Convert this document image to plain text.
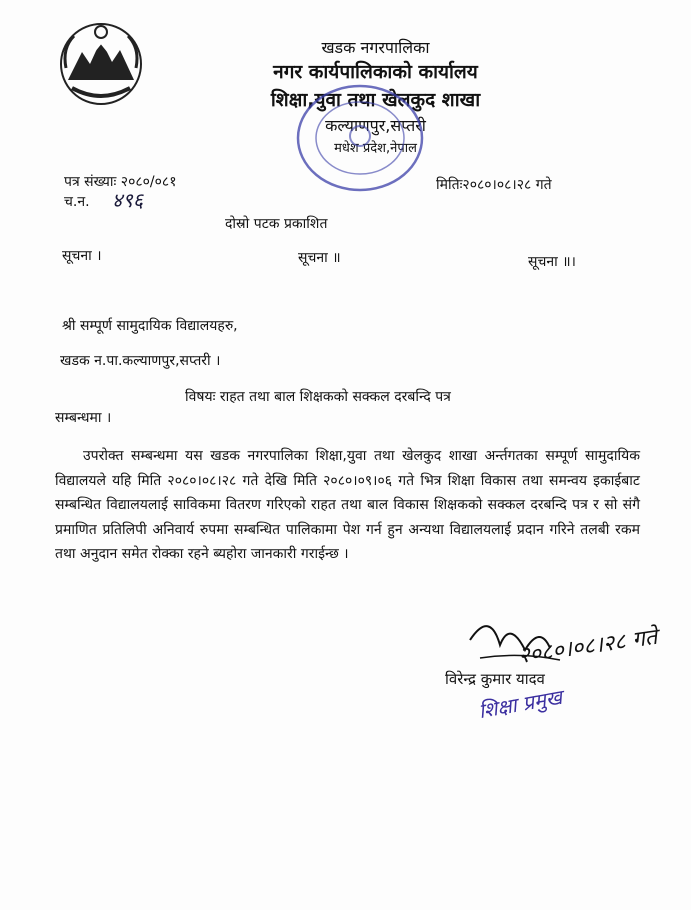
खडक नगरपालिका
नगर कार्यपालिकाको कार्यालय
शिक्षा,युवा तथा खेलकुद शाखा
कल्याणपुर,सप्तरी
मधेश प्रदेश,नेपाल
पत्र संख्याः २०८०/०८१
च.न. ४९६
मितिः२०८०।०८।२८ गते
दोस्रो पटक प्रकाशित
सूचना ।	सूचना ॥	सूचना ॥।
श्री सम्पूर्ण सामुदायिक विद्यालयहरु,
खडक न.पा.कल्याणपुर,सप्तरी ।
विषयः राहत तथा बाल शिक्षकको सक्कल दरबन्दि पत्र
सम्बन्धमा ।
उपरोक्त सम्बन्धमा यस खडक नगरपालिका शिक्षा,युवा तथा खेलकुद शाखा अर्न्तगतका सम्पूर्ण सामुदायिक विद्यालयले यहि मिति २०८०।०८।२८ गते देखि मिति २०८०।०९।०६ गते भित्र शिक्षा विकास तथा समन्वय इकाईबाट सम्बन्धित विद्यालयलाई साविकमा वितरण गरिएको राहत तथा बाल विकास शिक्षकको सक्कल दरबन्दि पत्र र सो संगै प्रमाणित प्रतिलिपी अनिवार्य रुपमा सम्बन्धित पालिकामा पेश गर्न हुन अन्यथा विद्यालयलाई प्रदान गरिने तलबी रकम तथा अनुदान समेत रोक्का रहने ब्यहोरा जानकारी गराईन्छ ।
२०८०।०८।२८ गते
विरेन्द्र कुमार यादव
शिक्षा प्रमुख
